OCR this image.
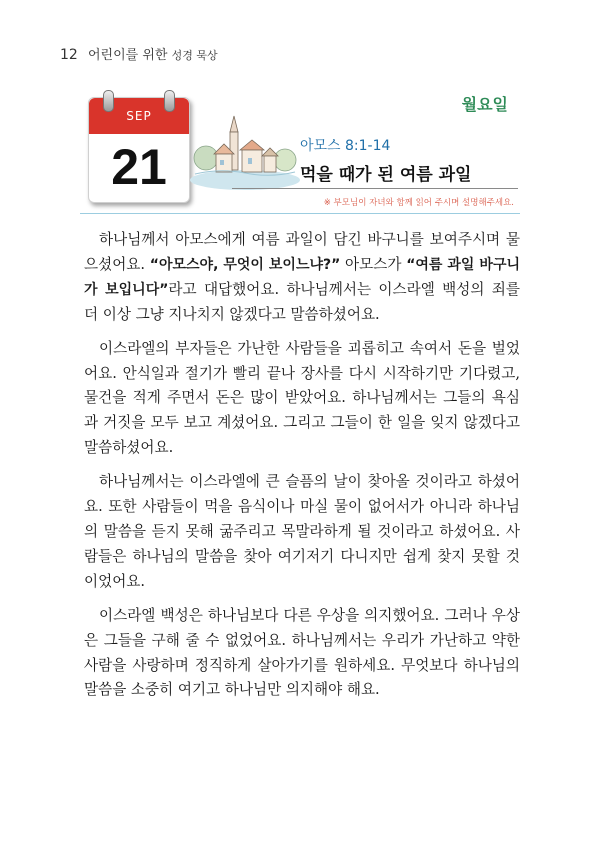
12 어린이를 위한 성경 묵상
SEP
21
월요일
아모스 8:1-14
먹을 때가 된 여름 과일
※ 부모님이 자녀와 함께 읽어 주시며 설명해주세요.

하나님께서 아모스에게 여름 과일이 담긴 바구니를 보여주시며 물으셨어요. “아모스야, 무엇이 보이느냐?” 아모스가 “여름 과일 바구니가 보입니다”라고 대답했어요. 하나님께서는 이스라엘 백성의 죄를 더 이상 그냥 지나치지 않겠다고 말씀하셨어요.

이스라엘의 부자들은 가난한 사람들을 괴롭히고 속여서 돈을 벌었어요. 안식일과 절기가 빨리 끝나 장사를 다시 시작하기만 기다렸고, 물건을 적게 주면서 돈은 많이 받았어요. 하나님께서는 그들의 욕심과 거짓을 모두 보고 계셨어요. 그리고 그들이 한 일을 잊지 않겠다고 말씀하셨어요.

하나님께서는 이스라엘에 큰 슬픔의 날이 찾아올 것이라고 하셨어요. 또한 사람들이 먹을 음식이나 마실 물이 없어서가 아니라 하나님의 말씀을 듣지 못해 굶주리고 목말라하게 될 것이라고 하셨어요. 사람들은 하나님의 말씀을 찾아 여기저기 다니지만 쉽게 찾지 못할 것이었어요.

이스라엘 백성은 하나님보다 다른 우상을 의지했어요. 그러나 우상은 그들을 구해 줄 수 없었어요. 하나님께서는 우리가 가난하고 약한 사람을 사랑하며 정직하게 살아가기를 원하세요. 무엇보다 하나님의 말씀을 소중히 여기고 하나님만 의지해야 해요.
